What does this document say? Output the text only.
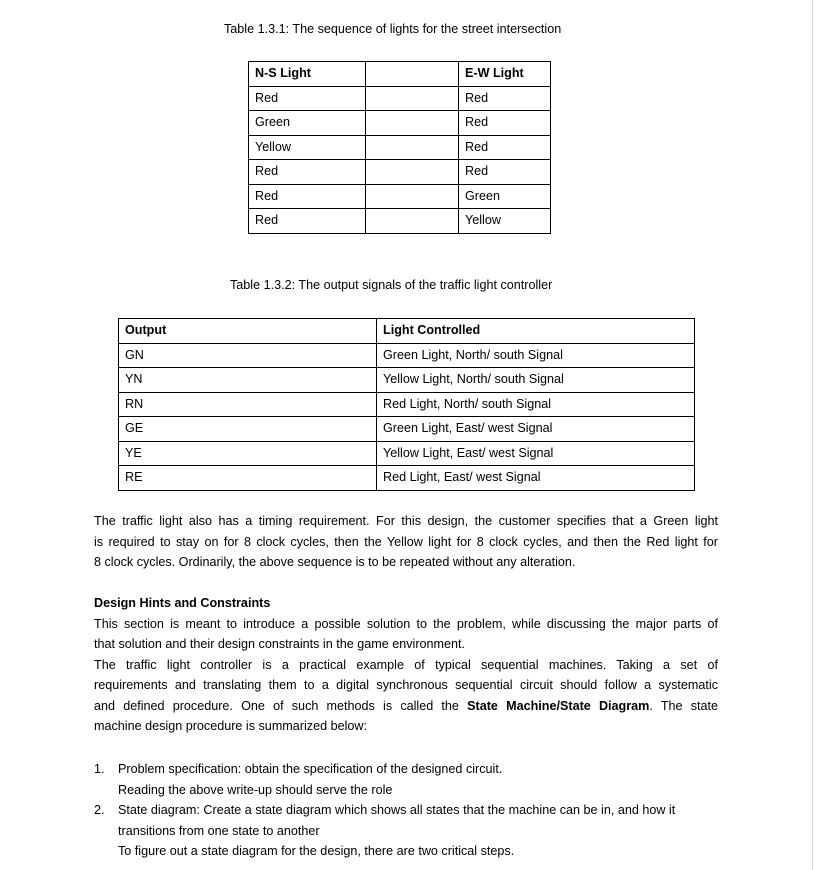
Table 1.3.1: The sequence of lights for the street intersection
N-S Light		E-W Light
Red		Red
Green		Red
Yellow		Red
Red		Red
Red		Green
Red		Yellow
Table 1.3.2: The output signals of the traffic light controller
Output	Light Controlled
GN	Green Light, North/ south Signal
YN	Yellow Light, North/ south Signal
RN	Red Light, North/ south Signal
GE	Green Light, East/ west Signal
YE	Yellow Light, East/ west Signal
RE	Red Light, East/ west Signal
The traffic light also has a timing requirement. For this design, the customer specifies that a Green light
is required to stay on for 8 clock cycles, then the Yellow light for 8 clock cycles, and then the Red light for
8 clock cycles. Ordinarily, the above sequence is to be repeated without any alteration.
Design Hints and Constraints
This section is meant to introduce a possible solution to the problem, while discussing the major parts of
that solution and their design constraints in the game environment.
The traffic light controller is a practical example of typical sequential machines. Taking a set of
requirements and translating them to a digital synchronous sequential circuit should follow a systematic
and defined procedure. One of such methods is called the State Machine/State Diagram. The state
machine design procedure is summarized below:
1. Problem specification: obtain the specification of the designed circuit.
Reading the above write-up should serve the role
2. State diagram: Create a state diagram which shows all states that the machine can be in, and how it
transitions from one state to another
To figure out a state diagram for the design, there are two critical steps.
